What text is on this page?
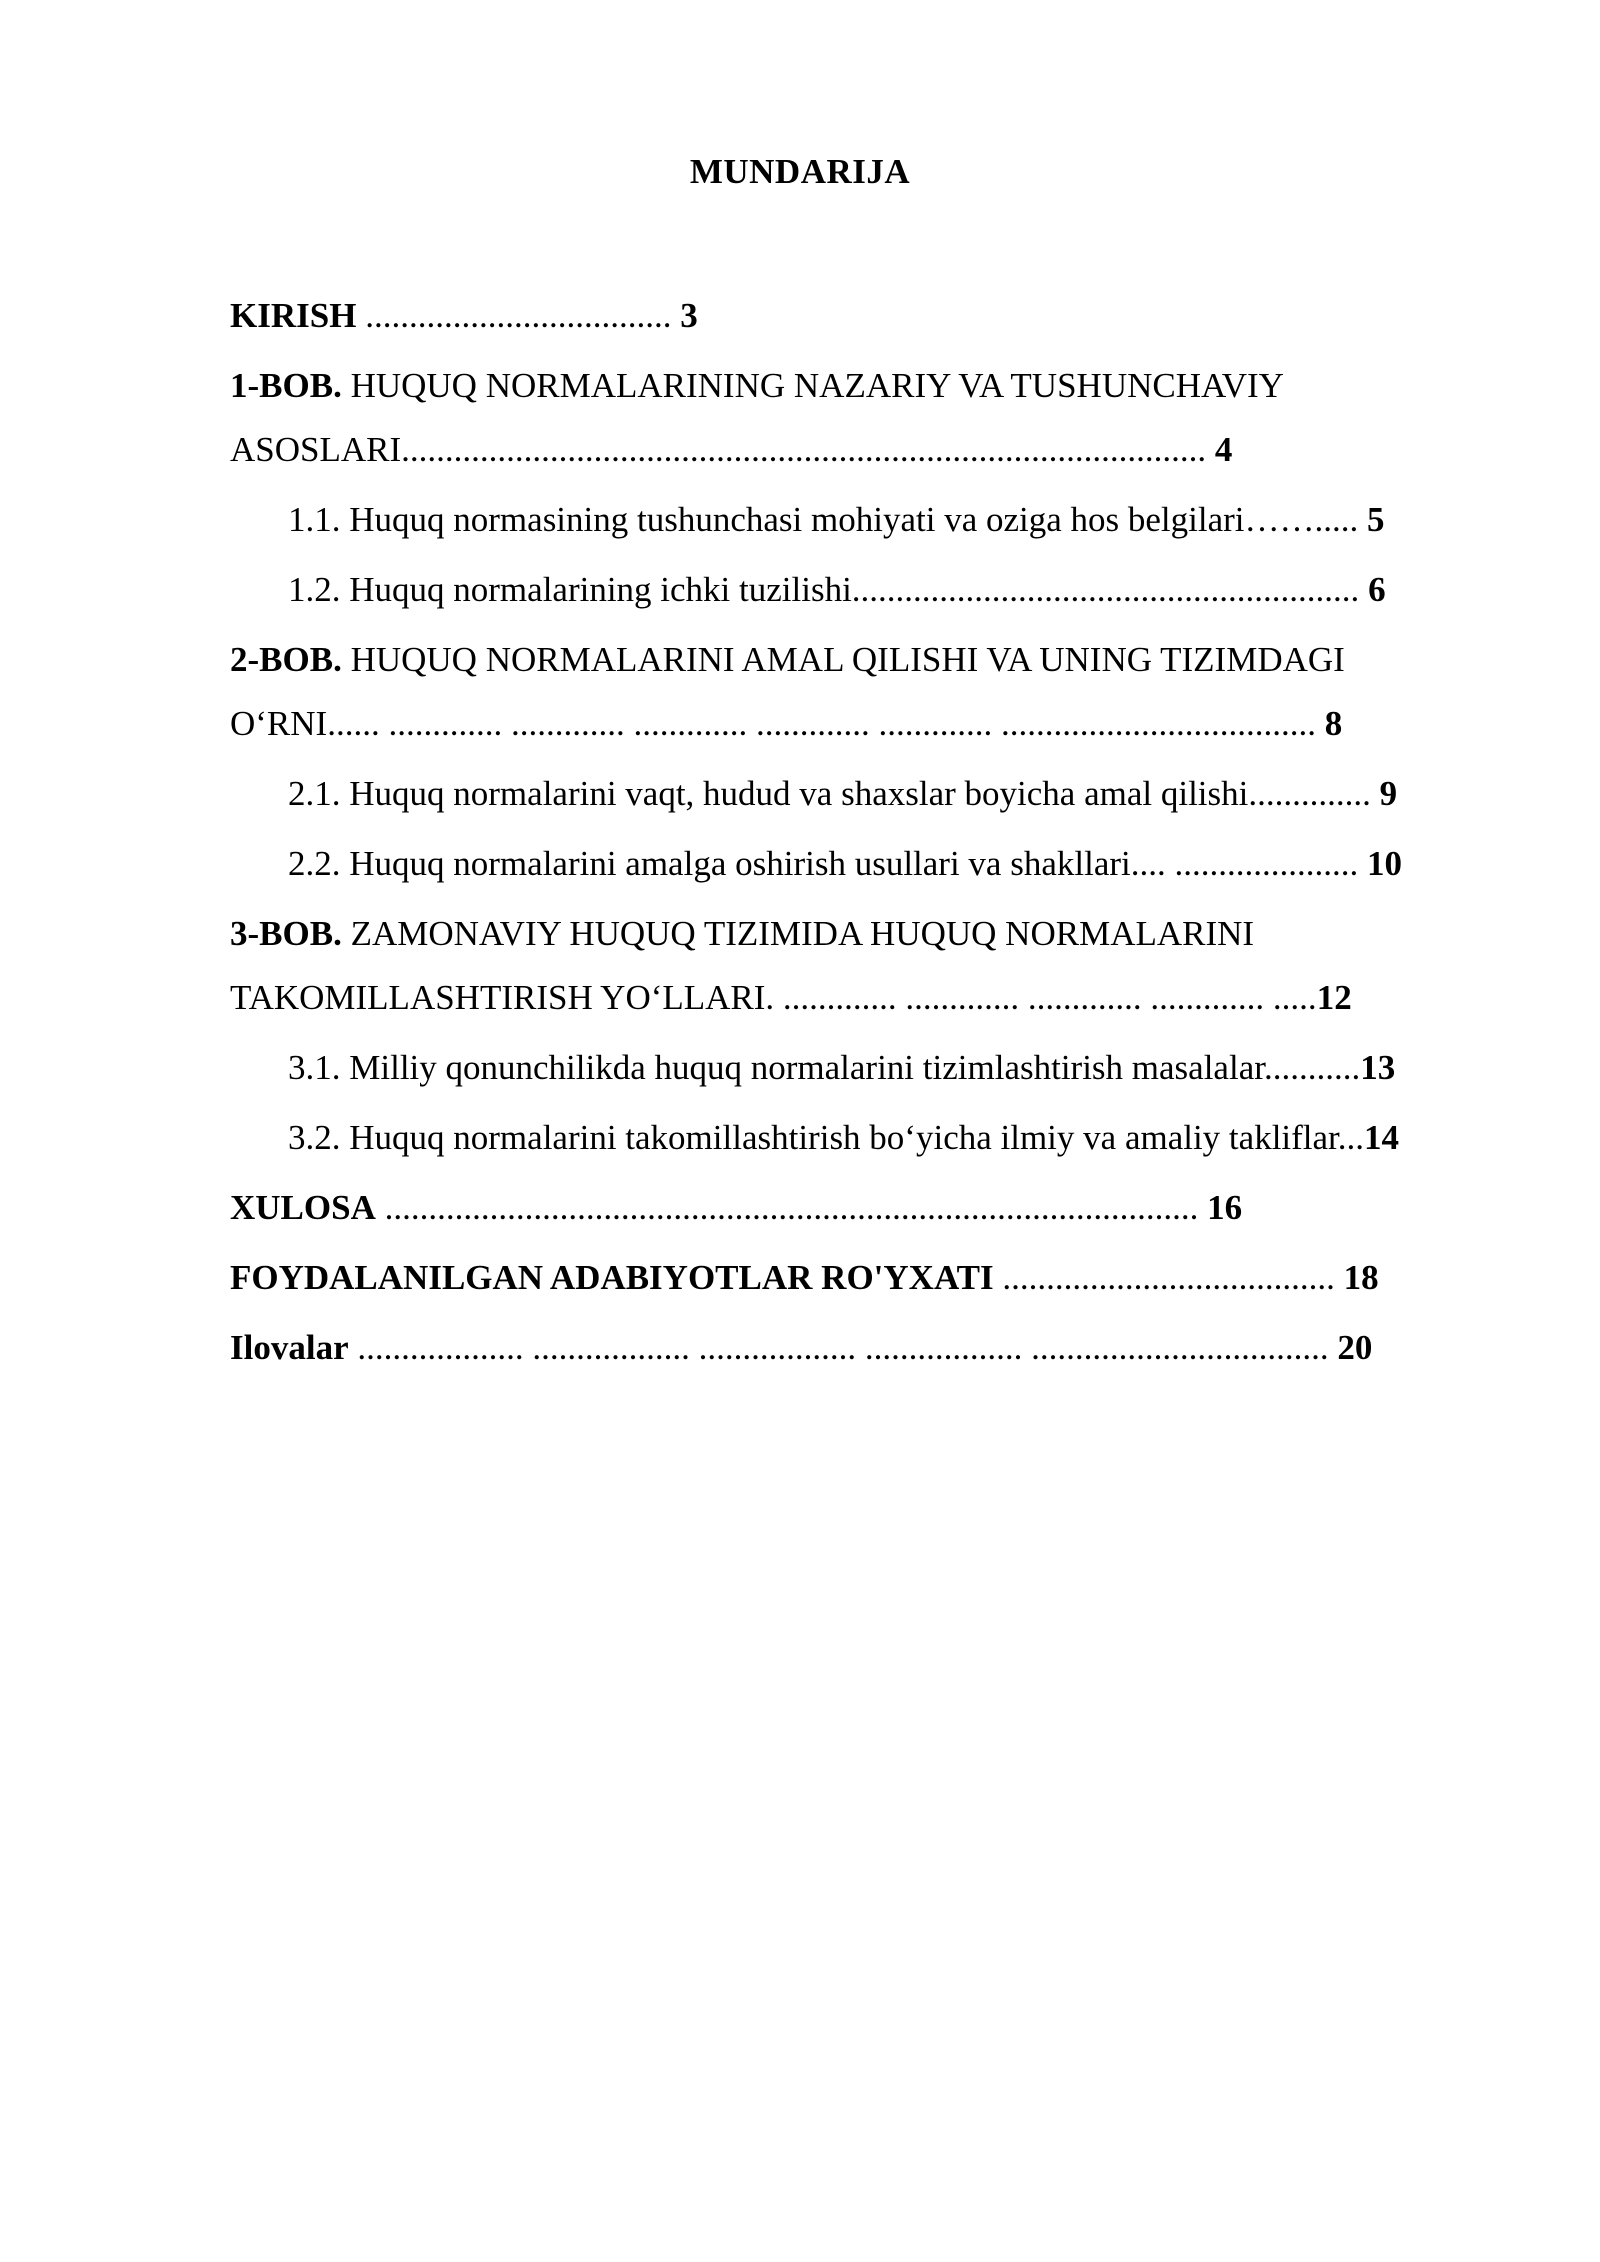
MUNDARIJA
KIRISH ................................... 3
1-BOB. HUQUQ NORMALARINING NAZARIY VA TUSHUNCHAVIY
ASOSLARI............................................................................................ 4
1.1. Huquq normasining tushunchasi mohiyati va oziga hos belgilari……..... 5
1.2. Huquq normalarining ichki tuzilishi.......................................................... 6
2-BOB. HUQUQ NORMALARINI AMAL QILISHI VA UNING TIZIMDAGI
O‘RNI...... ............. ............. ............. ............. ............. .................................... 8
2.1. Huquq normalarini vaqt, hudud va shaxslar boyicha amal qilishi.............. 9
2.2. Huquq normalarini amalga oshirish usullari va shakllari.... ..................... 10
3-BOB. ZAMONAVIY HUQUQ TIZIMIDA HUQUQ NORMALARINI
TAKOMILLASHTIRISH YO‘LLARI. ............. ............. ............. ............. .....12
3.1. Milliy qonunchilikda huquq normalarini tizimlashtirish masalalar...........13
3.2. Huquq normalarini takomillashtirish bo‘yicha ilmiy va amaliy takliflar...14
XULOSA ............................................................................................. 16
FOYDALANILGAN ADABIYOTLAR RO'YXATI ...................................... 18
Ilovalar ................... .................. .................. .................. .................................. 20
